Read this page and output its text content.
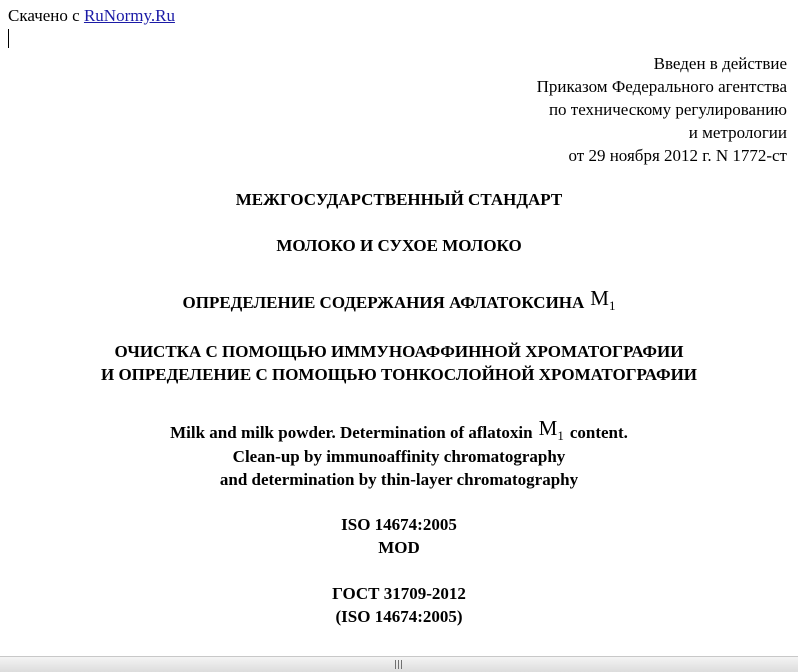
Скачено с RuNormy.Ru
Введен в действие
Приказом Федерального агентства
по техническому регулированию
и метрологии
от 29 ноября 2012 г. N 1772-ст
МЕЖГОСУДАРСТВЕННЫЙ СТАНДАРТ
МОЛОКО И СУХОЕ МОЛОКО
ОПРЕДЕЛЕНИЕ СОДЕРЖАНИЯ АФЛАТОКСИНА $M_1$
ОЧИСТКА С ПОМОЩЬЮ ИММУНОАФФИННОЙ ХРОМАТОГРАФИИ
И ОПРЕДЕЛЕНИЕ С ПОМОЩЬЮ ТОНКОСЛОЙНОЙ ХРОМАТОГРАФИИ
Milk and milk powder. Determination of aflatoxin $M_1$ content.
Clean-up by immunoaffinity chromatography
and determination by thin-layer chromatography
ISO 14674:2005
MOD
ГОСТ 31709-2012
(ISO 14674:2005)
